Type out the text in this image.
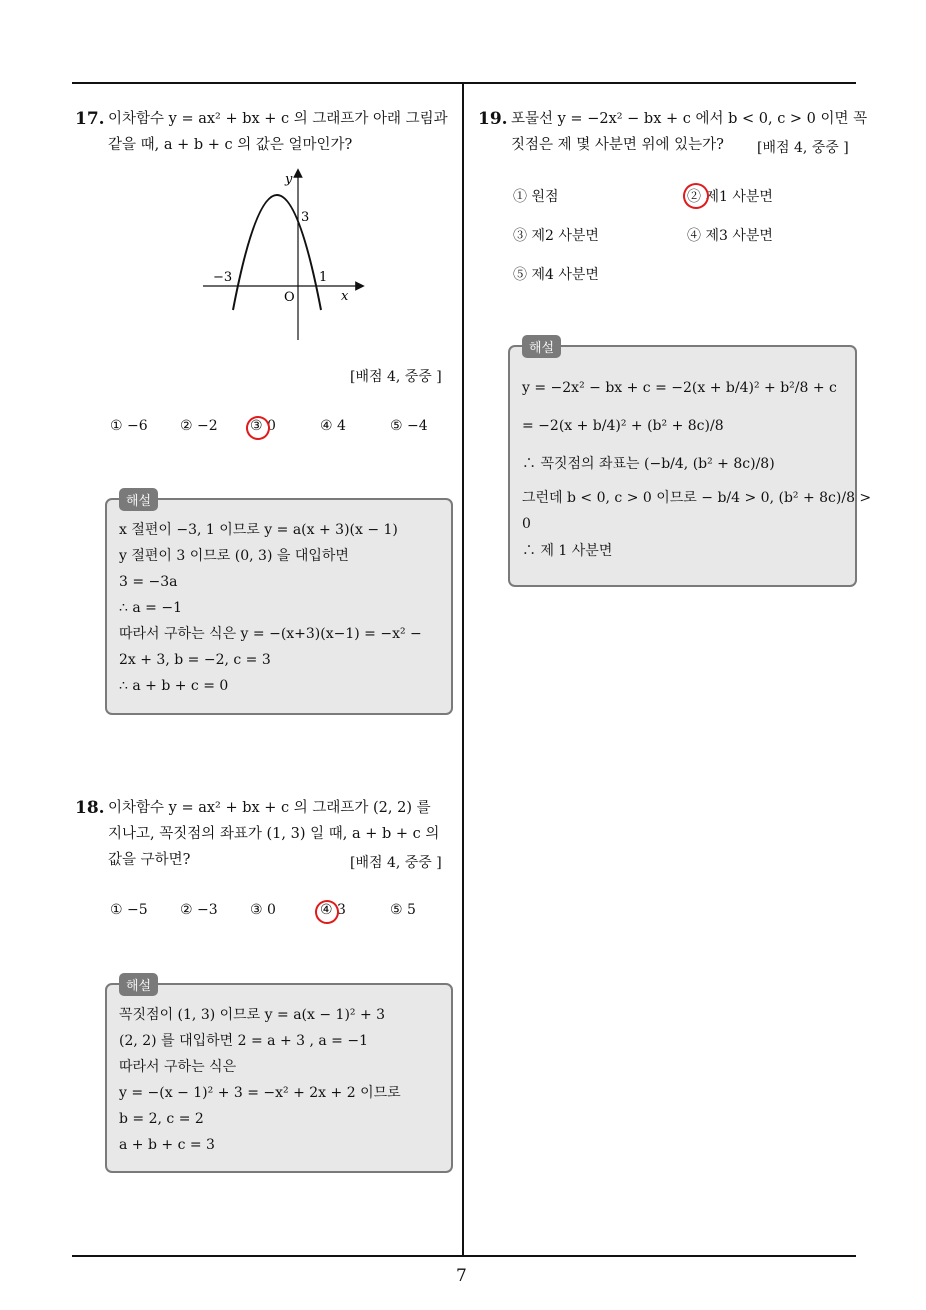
17. 이차함수 y = ax² + bx + c 의 그래프가 아래 그림과
같을 때, a + b + c 의 값은 얼마인가?
y
x
O
−3	1
3
[배점 4, 중중 ]
① −6 ② −2 ③ 0	④ 4	⑤ −4
해설
x 절편이 −3, 1 이므로 y = a(x + 3)(x − 1)
y 절편이 3 이므로 (0, 3) 을 대입하면
3 = −3a
∴ a = −1
따라서 구하는 식은 y = −(x+3)(x−1) = −x² −
2x + 3, b = −2, c = 3
∴ a + b + c = 0
18. 이차함수 y = ax² + bx + c 의 그래프가 (2, 2) 를
지나고, 꼭짓점의 좌표가 (1, 3) 일 때, a + b + c 의
값을 구하면?	[배점 4, 중중 ]
① −5 ② −3 ③ 0	④ 3	⑤ 5
해설
꼭짓점이 (1, 3) 이므로 y = a(x − 1)² + 3
(2, 2) 를 대입하면 2 = a + 3 , a = −1
따라서 구하는 식은
y = −(x − 1)² + 3 = −x² + 2x + 2 이므로
b = 2, c = 2
a + b + c = 3
19. 포물선 y = −2x² − bx + c 에서 b < 0, c > 0 이면 꼭
짓점은 제 몇 사분면 위에 있는가?	[배점 4, 중중 ]
① 원점	② 제1 사분면
③ 제2 사분면	④ 제3 사분면
⑤ 제4 사분면
해설
y = −2x² − bx + c = −2(x + b/4)² + b²/8 + c
= −2(x + b/4)² + (b² + 8c)/8
∴ 꼭짓점의 좌표는 (−b/4, (b² + 8c)/8)
그런데 b < 0, c > 0 이므로 − b/4 > 0, (b² + 8c)/8 >
0
∴ 제 1 사분면
7
